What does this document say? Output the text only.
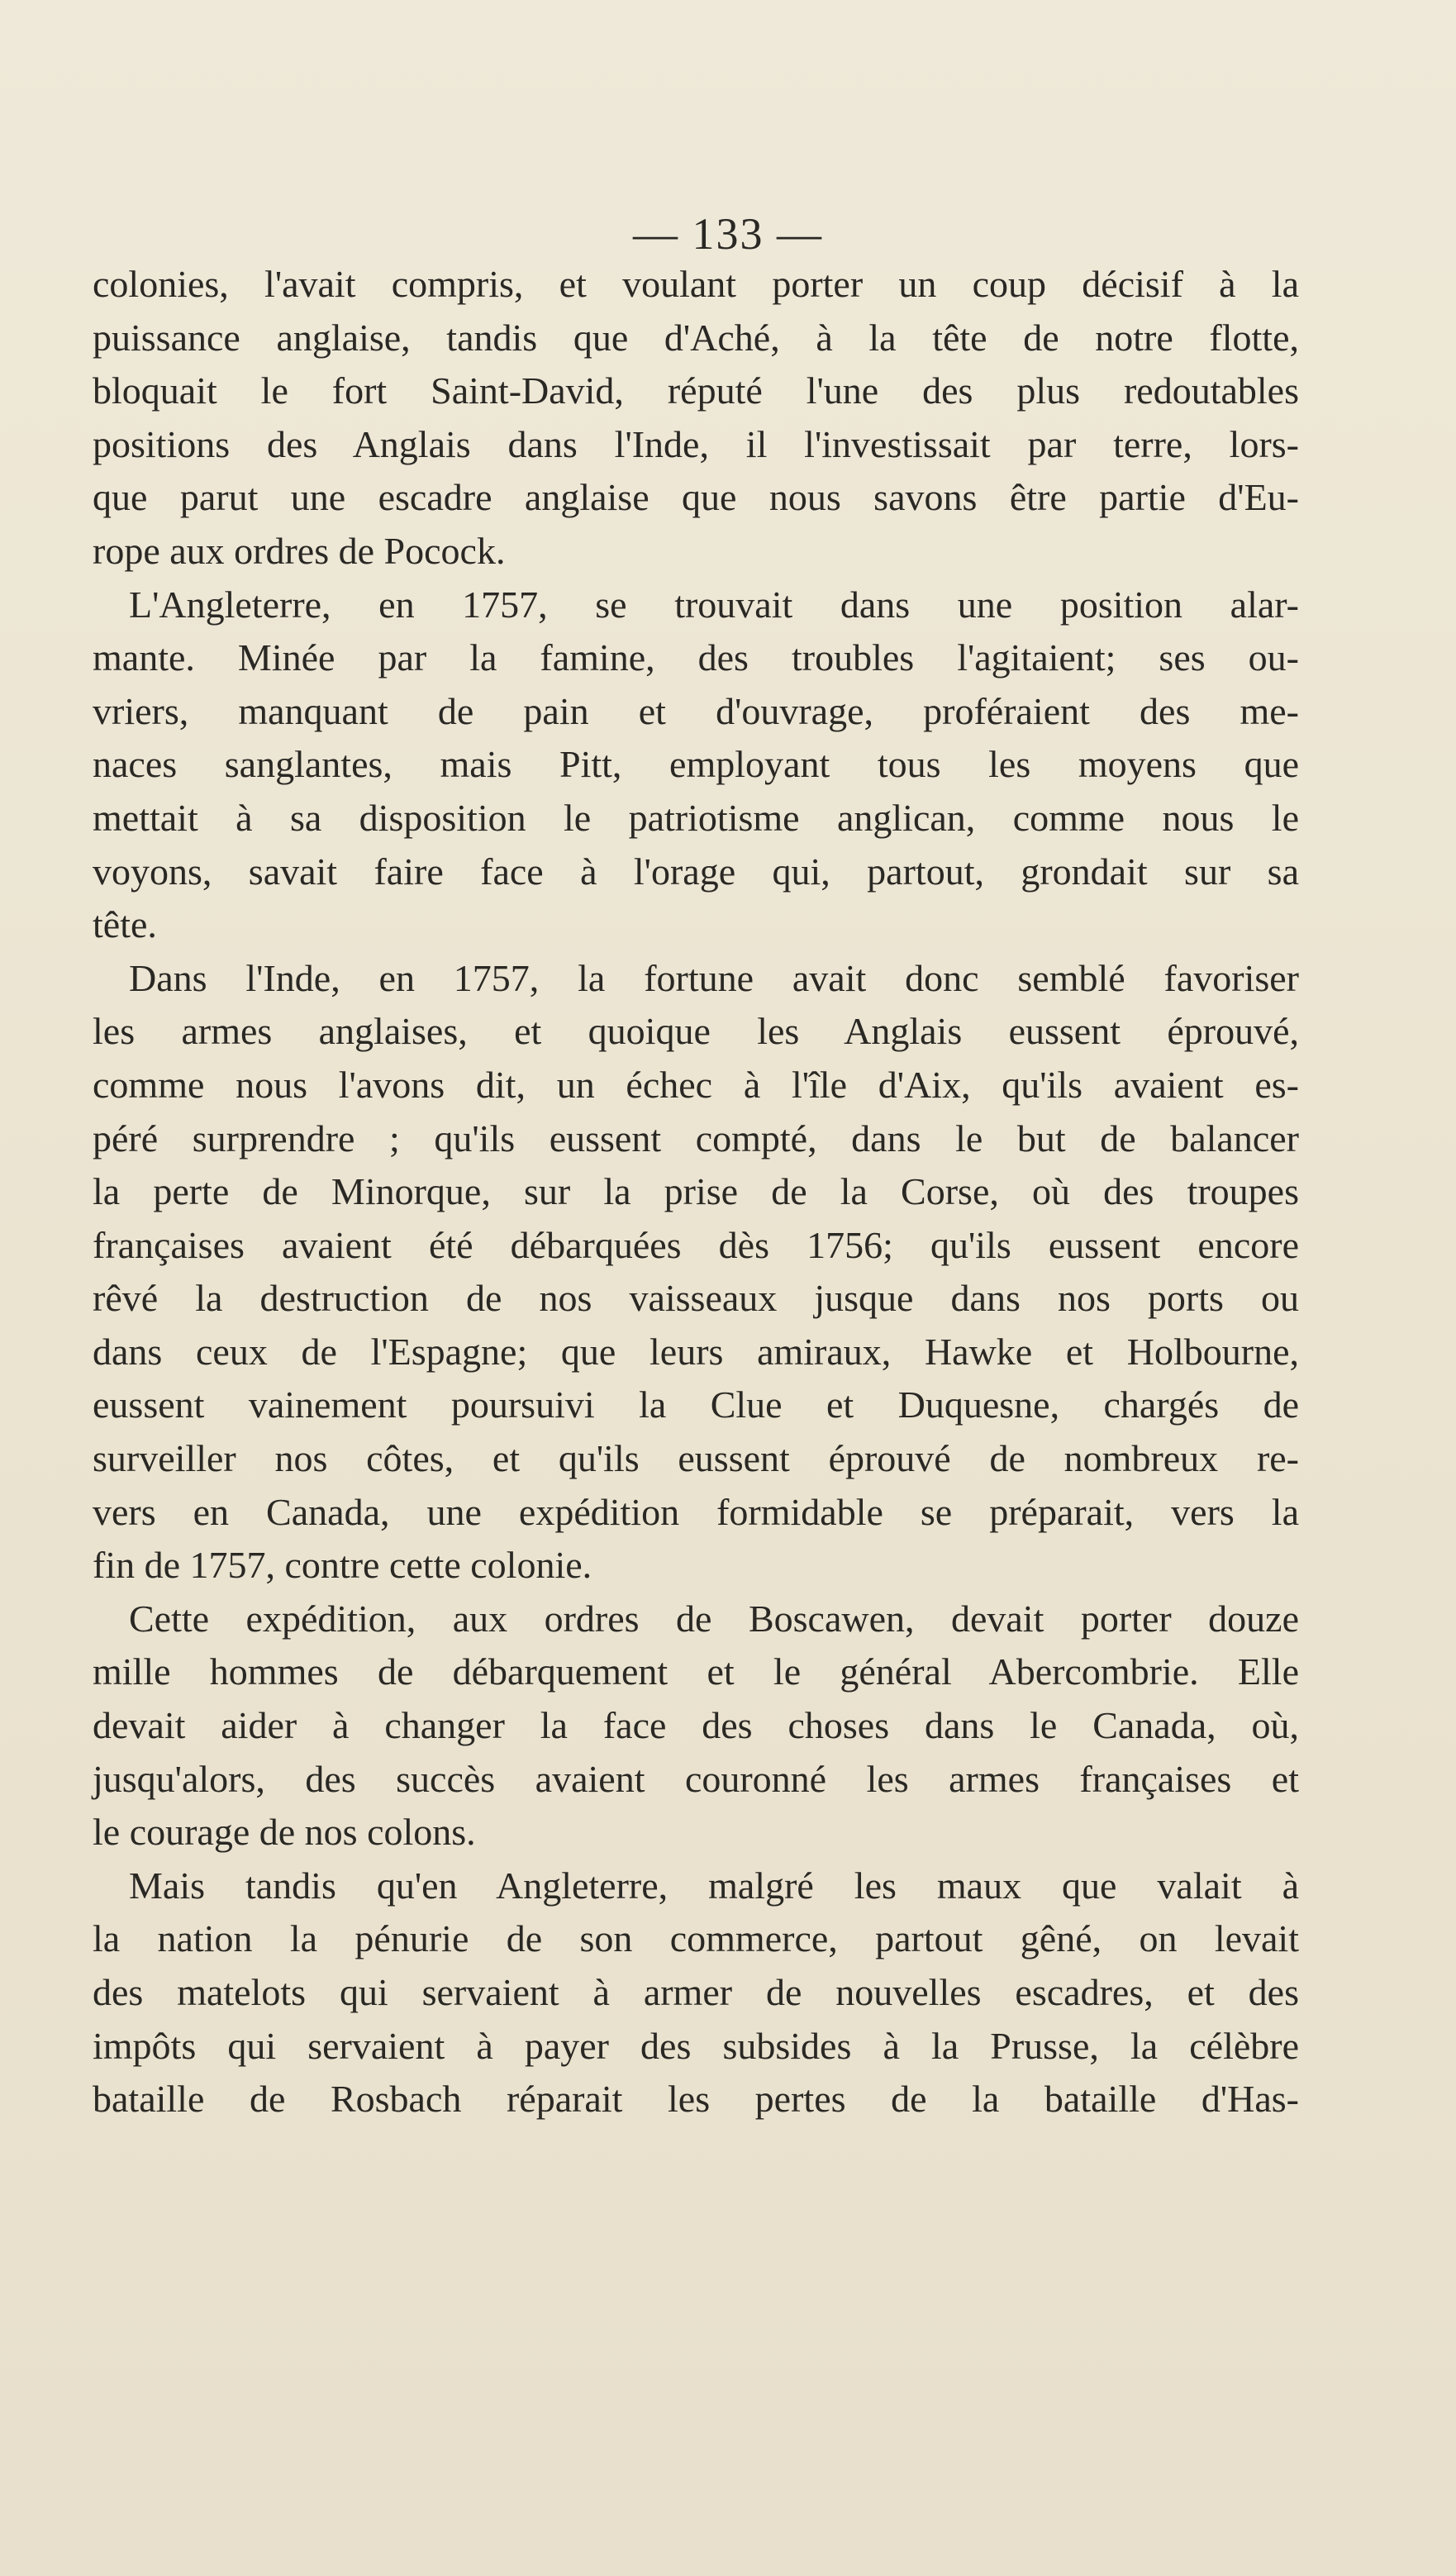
— 133 —
colonies, l'avait compris, et voulant porter un coup décisif à la
puissance anglaise, tandis que d'Aché, à la tête de notre flotte,
bloquait le fort Saint-David, réputé l'une des plus redoutables
positions des Anglais dans l'Inde, il l'investissait par terre, lors-
que parut une escadre anglaise que nous savons être partie d'Eu-
rope aux ordres de Pocock.
L'Angleterre, en 1757, se trouvait dans une position alar-
mante. Minée par la famine, des troubles l'agitaient; ses ou-
vriers, manquant de pain et d'ouvrage, proféraient des me-
naces sanglantes, mais Pitt, employant tous les moyens que
mettait à sa disposition le patriotisme anglican, comme nous le
voyons, savait faire face à l'orage qui, partout, grondait sur sa
tête.
Dans l'Inde, en 1757, la fortune avait donc semblé favoriser
les armes anglaises, et quoique les Anglais eussent éprouvé,
comme nous l'avons dit, un échec à l'île d'Aix, qu'ils avaient es-
péré surprendre ; qu'ils eussent compté, dans le but de balancer
la perte de Minorque, sur la prise de la Corse, où des troupes
françaises avaient été débarquées dès 1756; qu'ils eussent encore
rêvé la destruction de nos vaisseaux jusque dans nos ports ou
dans ceux de l'Espagne; que leurs amiraux, Hawke et Holbourne,
eussent vainement poursuivi la Clue et Duquesne, chargés de
surveiller nos côtes, et qu'ils eussent éprouvé de nombreux re-
vers en Canada, une expédition formidable se préparait, vers la
fin de 1757, contre cette colonie.
Cette expédition, aux ordres de Boscawen, devait porter douze
mille hommes de débarquement et le général Abercombrie. Elle
devait aider à changer la face des choses dans le Canada, où,
jusqu'alors, des succès avaient couronné les armes françaises et
le courage de nos colons.
Mais tandis qu'en Angleterre, malgré les maux que valait à
la nation la pénurie de son commerce, partout gêné, on levait
des matelots qui servaient à armer de nouvelles escadres, et des
impôts qui servaient à payer des subsides à la Prusse, la célèbre
bataille de Rosbach réparait les pertes de la bataille d'Has-
